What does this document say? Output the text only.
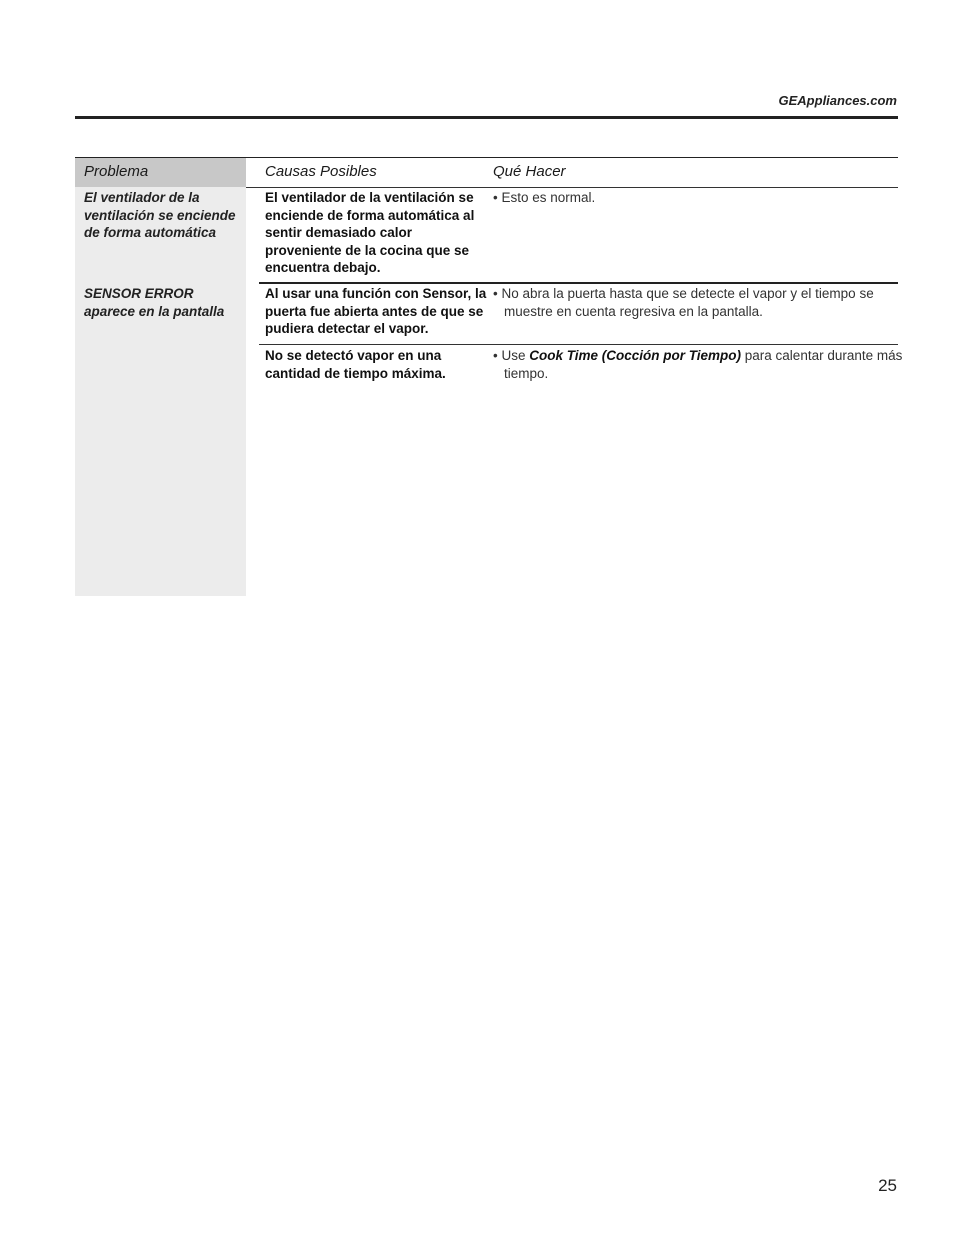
GEAppliances.com
Problema	Causas Posibles	Qué Hacer
El ventilador de la ventilación se enciende de forma automática
El ventilador de la ventilación se enciende de forma automática al sentir demasiado calor proveniente de la cocina que se encuentra debajo.
• Esto es normal.
SENSOR ERROR aparece en la pantalla
Al usar una función con Sensor, la puerta fue abierta antes de que se pudiera detectar el vapor.
• No abra la puerta hasta que se detecte el vapor y el tiempo se muestre en cuenta regresiva en la pantalla.
No se detectó vapor en una cantidad de tiempo máxima.
• Use Cook Time (Cocción por Tiempo) para calentar durante más tiempo.
25
